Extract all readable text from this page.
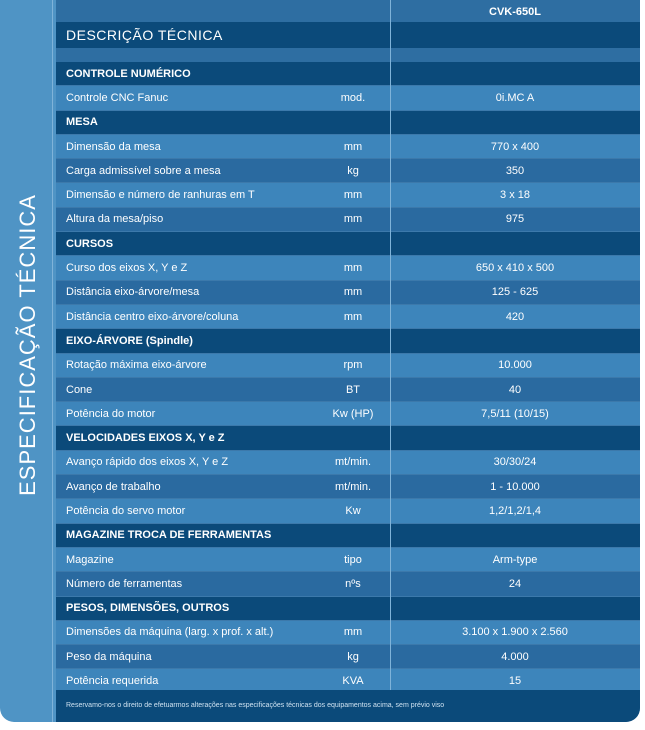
ESPECIFICAÇÃO TÉCNICA
CVK-650L
DESCRIÇÃO TÉCNICA
CONTROLE NUMÉRICO
Controle CNC Fanuc	mod.	0i.MC A
MESA
Dimensão da mesa	mm	770 x 400
Carga admissível sobre a mesa	kg	350
Dimensão e número de ranhuras em T	mm	3 x 18
Altura da mesa/piso	mm	975
CURSOS
Curso dos eixos X, Y e Z	mm	650 x 410 x 500
Distância eixo-árvore/mesa	mm	125 - 625
Distância centro eixo-árvore/coluna	mm	420
EIXO-ÁRVORE (Spindle)
Rotação máxima eixo-árvore	rpm	10.000
Cone	BT	40
Potência do motor	Kw (HP)	7,5/11 (10/15)
VELOCIDADES EIXOS X, Y e Z
Avanço rápido dos eixos X, Y e Z	mt/min.	30/30/24
Avanço de trabalho	mt/min.	1 - 10.000
Potência do servo motor	Kw	1,2/1,2/1,4
MAGAZINE TROCA DE FERRAMENTAS
Magazine	tipo	Arm-type
Número de ferramentas	nºs	24
PESOS, DIMENSÕES, OUTROS
Dimensões da máquina (larg. x prof. x alt.)	mm	3.100 x 1.900 x 2.560
Peso da máquina	kg	4.000
Potência requerida	KVA	15
Reservamo-nos o direito de efetuarmos alterações nas especificações técnicas dos equipamentos acima, sem prévio viso
